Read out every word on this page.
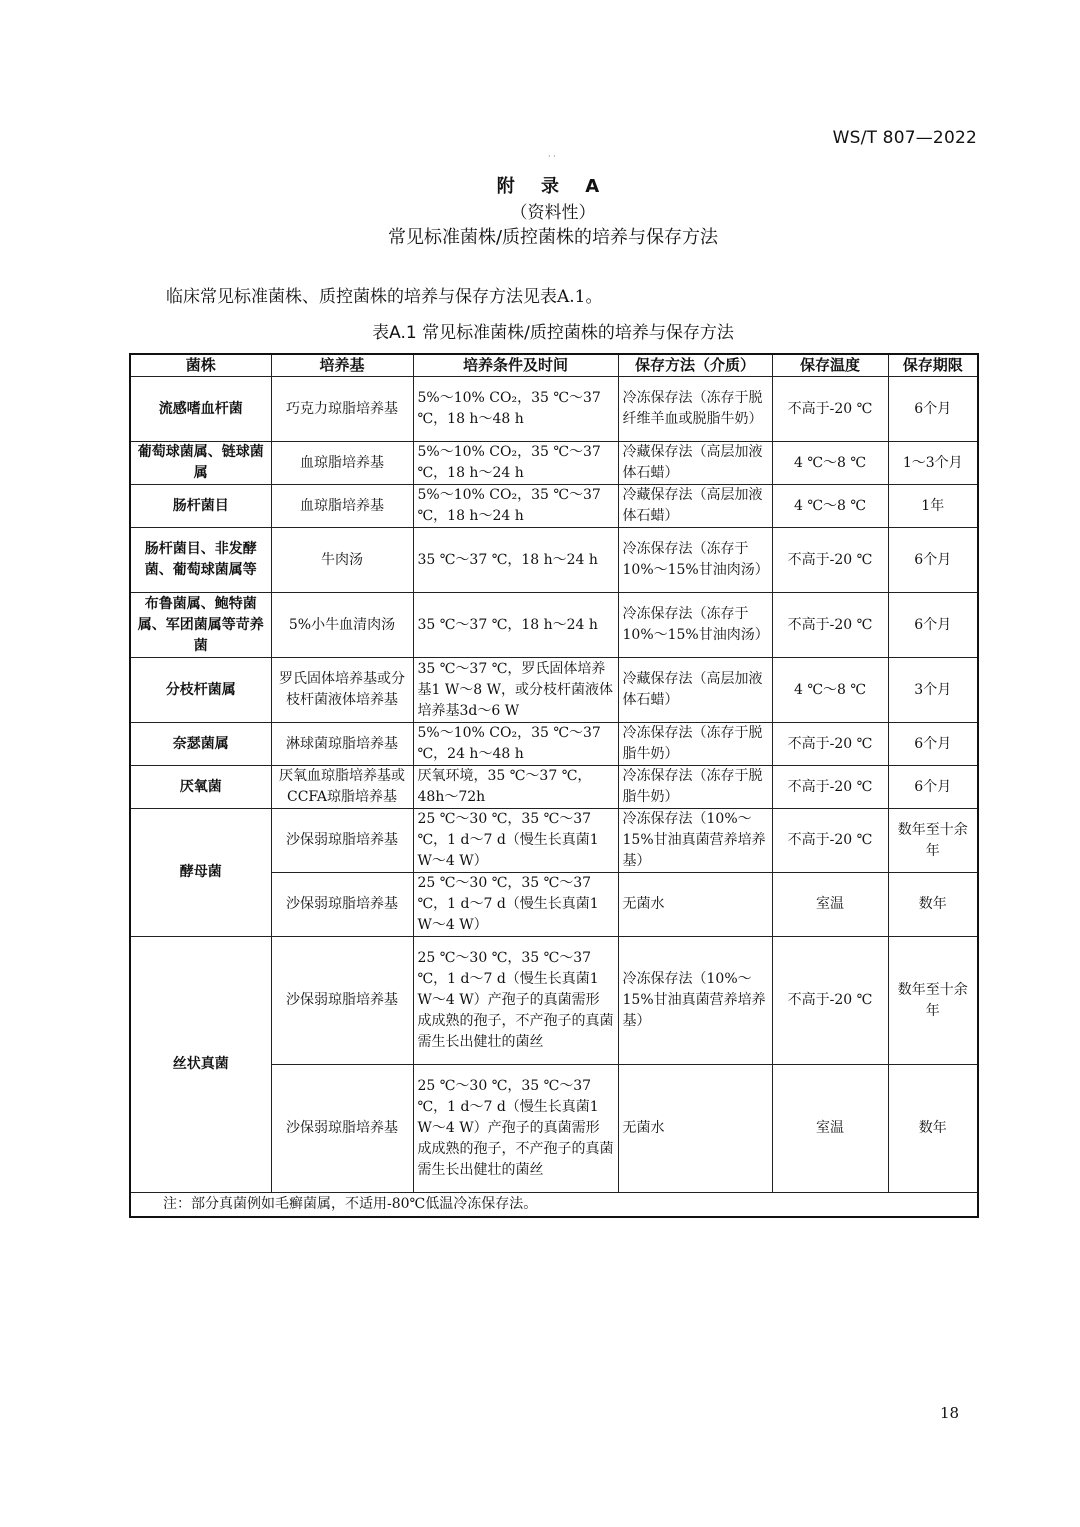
WS/T 807—2022
· ·
附 录 A
（资料性）
常见标准菌株/质控菌株的培养与保存方法
临床常见标准菌株、质控菌株的培养与保存方法见表A.1。
表A.1 常见标准菌株/质控菌株的培养与保存方法
菌株	培养基	培养条件及时间	保存方法（介质）	保存温度	保存期限
流感嗜血杆菌	巧克力琼脂培养基	5%～10% CO₂，35 ℃～37 ℃，18 h～48 h	冷冻保存法（冻存于脱纤维羊血或脱脂牛奶）	不高于-20 ℃	6个月
葡萄球菌属、链球菌属	血琼脂培养基	5%～10% CO₂，35 ℃～37 ℃，18 h～24 h	冷藏保存法（高层加液体石蜡）	4 ℃～8 ℃	1～3个月
肠杆菌目	血琼脂培养基	5%～10% CO₂，35 ℃～37 ℃，18 h～24 h	冷藏保存法（高层加液体石蜡）	4 ℃～8 ℃	1年
肠杆菌目、非发酵菌、葡萄球菌属等	牛肉汤	35 ℃～37 ℃，18 h～24 h	冷冻保存法（冻存于 10%～15%甘油肉汤）	不高于-20 ℃	6个月
布鲁菌属、鲍特菌属、军团菌属等苛养菌	5%小牛血清肉汤	35 ℃～37 ℃，18 h～24 h	冷冻保存法（冻存于10%～15%甘油肉汤）	不高于-20 ℃	6个月
分枝杆菌属	罗氏固体培养基或分枝杆菌液体培养基	35 ℃～37 ℃，罗氏固体培养基1 W～8 W，或分枝杆菌液体培养基3d～6 W	冷藏保存法（高层加液体石蜡）	4 ℃～8 ℃	3个月
奈瑟菌属	淋球菌琼脂培养基	5%～10% CO₂，35 ℃～37 ℃，24 h～48 h	冷冻保存法（冻存于脱脂牛奶）	不高于-20 ℃	6个月
厌氧菌	厌氧血琼脂培养基或CCFA琼脂培养基	厌氧环境，35 ℃～37 ℃，48h～72h	冷冻保存法（冻存于脱脂牛奶）	不高于-20 ℃	6个月
酵母菌	沙保弱琼脂培养基	25 ℃～30 ℃，35 ℃～37 ℃，1 d～7 d（慢生长真菌1 W～4 W）	冷冻保存法（10%～15%甘油真菌营养培养基）	不高于-20 ℃	数年至十余年
	沙保弱琼脂培养基	25 ℃～30 ℃，35 ℃～37 ℃，1 d～7 d（慢生长真菌1 W～4 W）	无菌水	室温	数年
丝状真菌	沙保弱琼脂培养基	25 ℃～30 ℃，35 ℃～37 ℃，1 d～7 d（慢生长真菌1 W～4 W）产孢子的真菌需形成成熟的孢子，不产孢子的真菌需生长出健壮的菌丝	冷冻保存法（10%～15%甘油真菌营养培养基）	不高于-20 ℃	数年至十余年
	沙保弱琼脂培养基	25 ℃～30 ℃，35 ℃～37 ℃，1 d～7 d（慢生长真菌1 W～4 W）产孢子的真菌需形成成熟的孢子，不产孢子的真菌需生长出健壮的菌丝	无菌水	室温	数年
注：部分真菌例如毛癣菌属，不适用-80℃低温冷冻保存法。					
18
